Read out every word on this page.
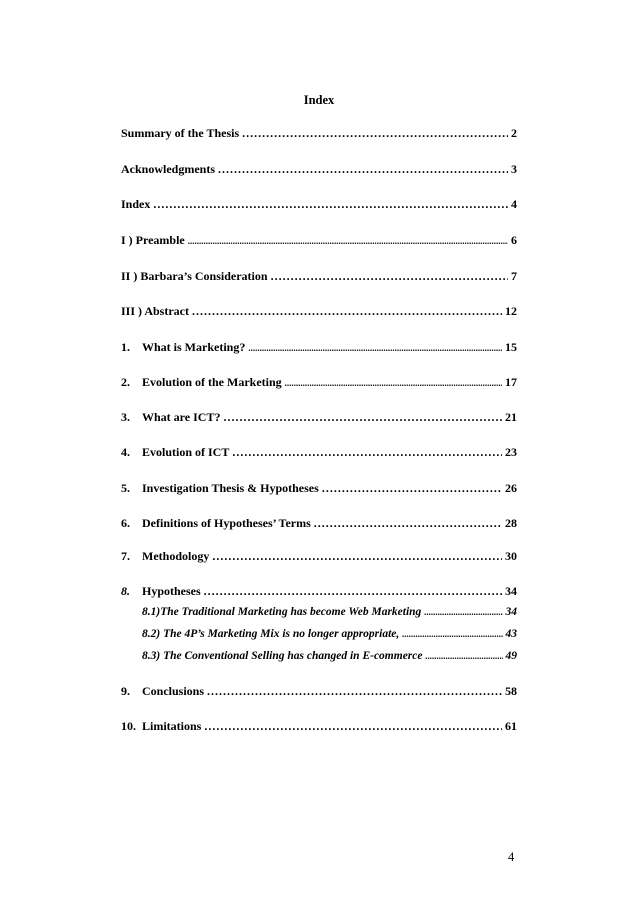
Index
Summary of the Thesis .....	2
Acknowledgments .....	3
Index .....	4
I ) Preamble .....	6
II ) Barbara’s Consideration .....	7
III ) Abstract .....	12
1.	What is Marketing? .....	15
2.	Evolution of the Marketing .....	17
3.	What are ICT? .....	21
4.	Evolution of ICT .....	23
5.	Investigation Thesis & Hypotheses .....	26
6.	Definitions of Hypotheses’ Terms .....	28
7.	Methodology .....	30
8.	Hypotheses .....	34
8.1)The Traditional Marketing has become Web Marketing .....	34
8.2) The 4P’s Marketing Mix is no longer appropriate, .....	43
8.3) The Conventional Selling has changed in E-commerce .....	49
9.	Conclusions .....	58
10. Limitations .....	61
4
